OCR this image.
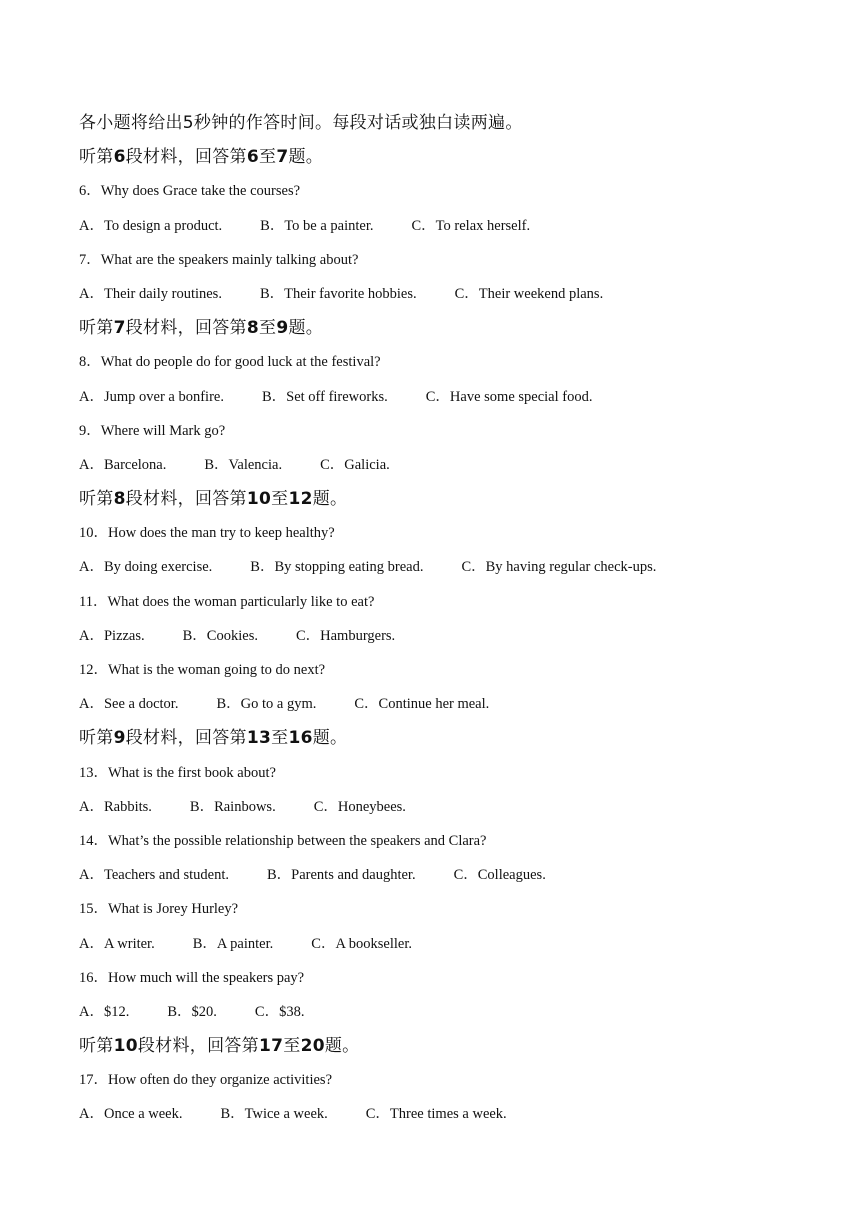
各小题将给出5秒钟的作答时间。每段对话或独白读两遍。
听第6段材料，回答第6至7题。
6．Why does Grace take the courses?
A．To design a product.	B．To be a painter.	C．To relax herself.
7．What are the speakers mainly talking about?
A．Their daily routines.	B．Their favorite hobbies.	C．Their weekend plans.
听第7段材料，回答第8至9题。
8．What do people do for good luck at the festival?
A．Jump over a bonfire.	B．Set off fireworks.	C．Have some special food.
9．Where will Mark go?
A．Barcelona.	B．Valencia.	C．Galicia.
听第8段材料，回答第10至12题。
10．How does the man try to keep healthy?
A．By doing exercise.	B．By stopping eating bread.	C．By having regular check-ups.
11．What does the woman particularly like to eat?
A．Pizzas.	B．Cookies.	C．Hamburgers.
12．What is the woman going to do next?
A．See a doctor.	B．Go to a gym.	C．Continue her meal.
听第9段材料，回答第13至16题。
13．What is the first book about?
A．Rabbits.	B．Rainbows.	C．Honeybees.
14．What’s the possible relationship between the speakers and Clara?
A．Teachers and student.	B．Parents and daughter.	C．Colleagues.
15．What is Jorey Hurley?
A．A writer.	B．A painter.	C．A bookseller.
16．How much will the speakers pay?
A．$12.	B．$20.	C．$38.
听第10段材料，回答第17至20题。
17．How often do they organize activities?
A．Once a week.	B．Twice a week.	C．Three times a week.
